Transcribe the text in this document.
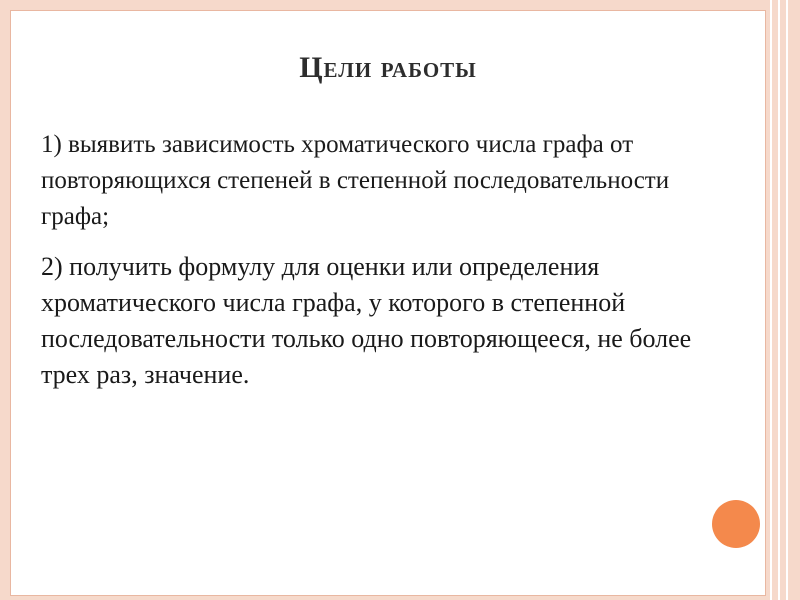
Цели работы

1) выявить зависимость хроматического числа графа от повторяющихся степеней в степенной последовательности графа;

2) получить формулу для оценки или определения хроматического числа графа, у которого в степенной последовательности только одно повторяющееся, не более трех раз, значение.
